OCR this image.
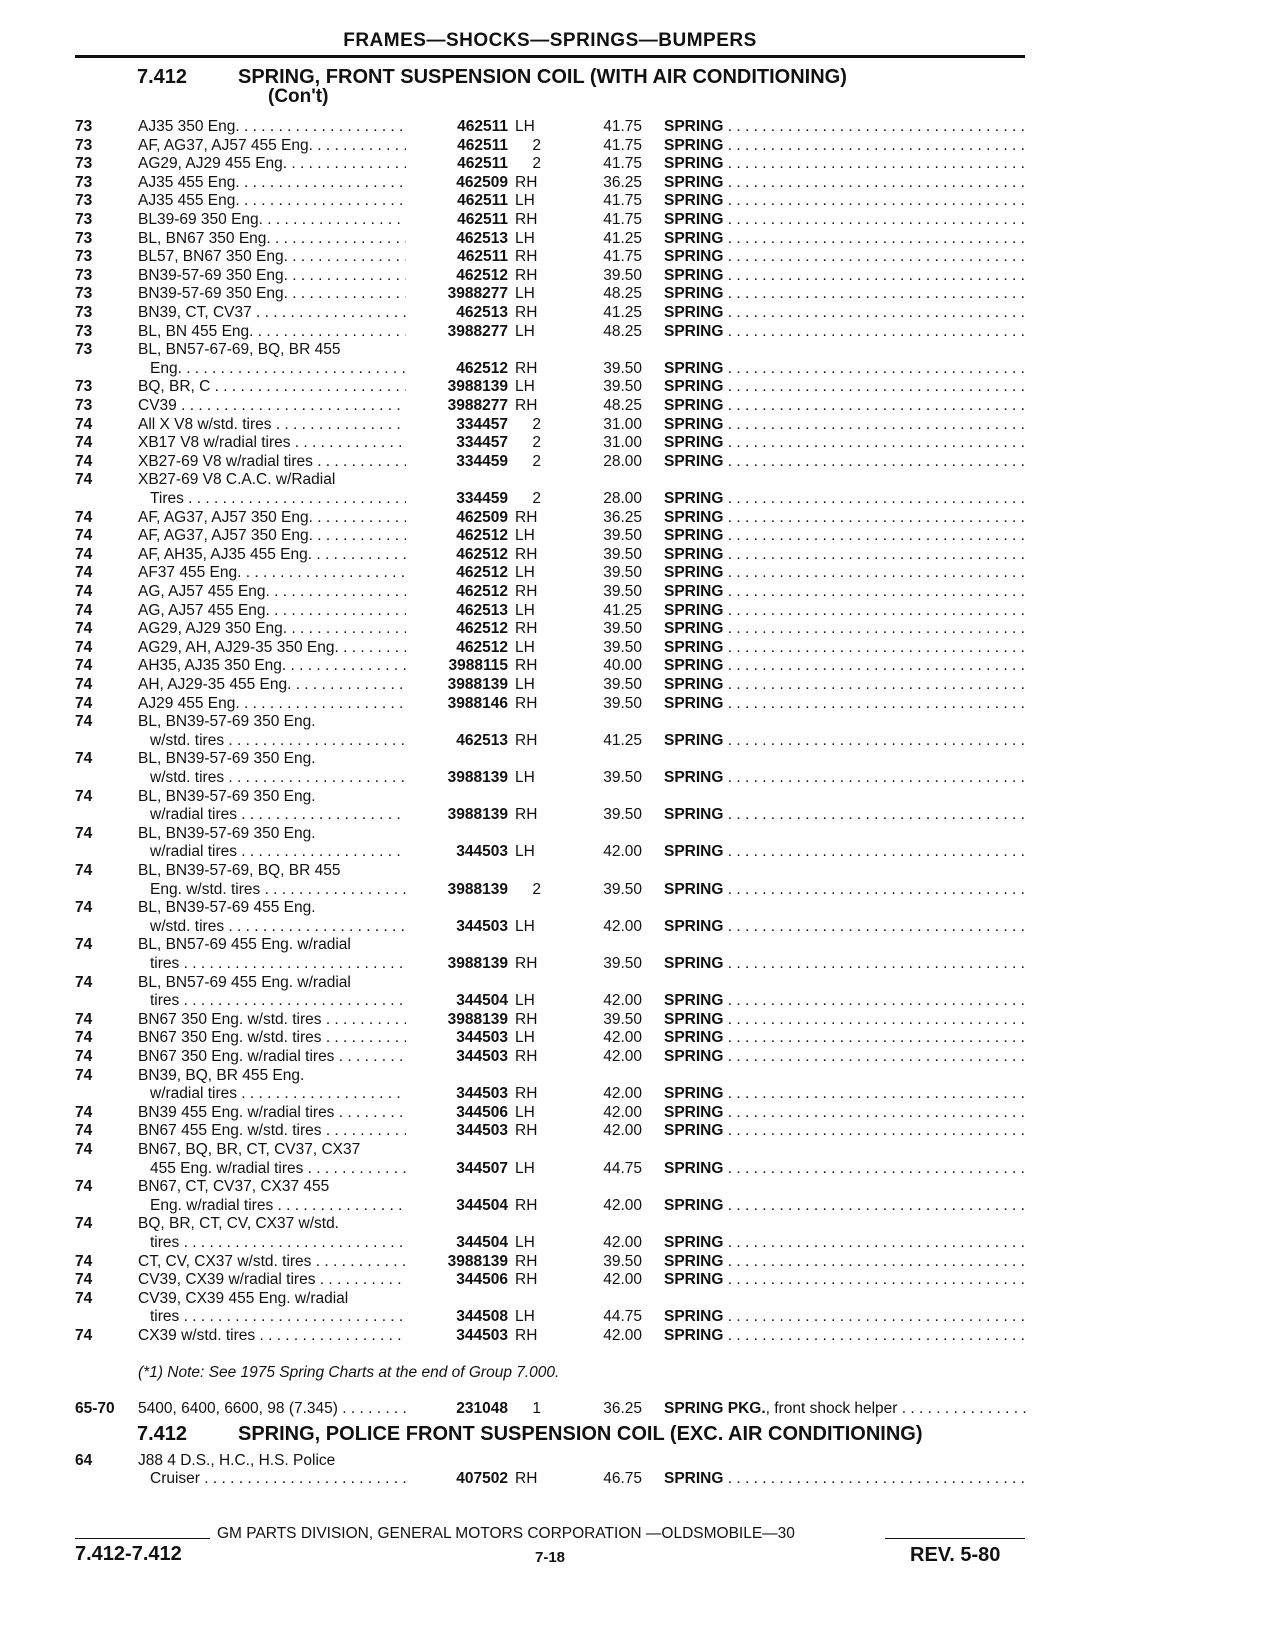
FRAMES—SHOCKS—SPRINGS—BUMPERS
7.412	SPRING, FRONT SUSPENSION COIL (WITH AIR CONDITIONING)
(Con't)
73	AJ35 350 Eng. . . .	462511 LH	41.75 SPRING . . .
73	AF, AG37, AJ57 455 Eng. . . .	462511	2	41.75 SPRING . . .
73	AG29, AJ29 455 Eng. . . .	462511	2	41.75 SPRING . . .
73	AJ35 455 Eng. . . .	462509 RH	36.25 SPRING . . .
73	AJ35 455 Eng. . . .	462511 LH	41.75 SPRING . . .
73	BL39-69 350 Eng. . . .	462511 RH	41.75 SPRING . . .
73	BL, BN67 350 Eng. . . .	462513 LH	41.25 SPRING . . .
73	BL57, BN67 350 Eng. . . .	462511 RH	41.75 SPRING . . .
73	BN39-57-69 350 Eng. . . .	462512 RH	39.50 SPRING . . .
73	BN39-57-69 350 Eng. . . .	3988277 LH	48.25 SPRING . . .
73	BN39, CT, CV37 . . .	462513 RH	41.25 SPRING . . .
73	BL, BN 455 Eng. . . .	3988277 LH	48.25 SPRING . . .
73	BL, BN57-67-69, BQ, BR 455
Eng. . . .	462512 RH	39.50 SPRING . . .
73	BQ, BR, C . . .	3988139 LH	39.50 SPRING . . .
73	CV39 . . .	3988277 RH	48.25 SPRING . . .
74	All X V8 w/std. tires . . .	334457	2	31.00 SPRING . . .
74	XB17 V8 w/radial tires . . .	334457	2	31.00 SPRING . . .
74	XB27-69 V8 w/radial tires . . .	334459	2	28.00 SPRING . . .
74	XB27-69 V8 C.A.C. w/Radial
Tires . . .	334459	2	28.00 SPRING . . .
74	AF, AG37, AJ57 350 Eng. . . .	462509 RH	36.25 SPRING . . .
74	AF, AG37, AJ57 350 Eng. . . .	462512 LH	39.50 SPRING . . .
74	AF, AH35, AJ35 455 Eng. . . .	462512 RH	39.50 SPRING . . .
74	AF37 455 Eng. . . .	462512 LH	39.50 SPRING . . .
74	AG, AJ57 455 Eng. . . .	462512 RH	39.50 SPRING . . .
74	AG, AJ57 455 Eng. . . .	462513 LH	41.25 SPRING . . .
74	AG29, AJ29 350 Eng. . . .	462512 RH	39.50 SPRING . . .
74	AG29, AH, AJ29-35 350 Eng. . . .	462512 LH	39.50 SPRING . . .
74	AH35, AJ35 350 Eng. . . .	3988115 RH	40.00 SPRING . . .
74	AH, AJ29-35 455 Eng. . . .	3988139 LH	39.50 SPRING . . .
74	AJ29 455 Eng. . . .	3988146 RH	39.50 SPRING . . .
74	BL, BN39-57-69 350 Eng.
w/std. tires . . .	462513 RH	41.25 SPRING . . .
74	BL, BN39-57-69 350 Eng.
w/std. tires . . .	3988139 LH	39.50 SPRING . . .
74	BL, BN39-57-69 350 Eng.
w/radial tires . . .	3988139 RH	39.50 SPRING . . .
74	BL, BN39-57-69 350 Eng.
w/radial tires . . .	344503 LH	42.00 SPRING . . .
74	BL, BN39-57-69, BQ, BR 455
Eng. w/std. tires . . .	3988139	2	39.50 SPRING . . .
74	BL, BN39-57-69 455 Eng.
w/std. tires . . .	344503 LH	42.00 SPRING . . .
74	BL, BN57-69 455 Eng. w/radial
tires . . .	3988139 RH	39.50 SPRING . . .
74	BL, BN57-69 455 Eng. w/radial
tires . . .	344504 LH	42.00 SPRING . . .
74	BN67 350 Eng. w/std. tires . . .	3988139 RH	39.50 SPRING . . .
74	BN67 350 Eng. w/std. tires . . .	344503 LH	42.00 SPRING . . .
74	BN67 350 Eng. w/radial tires . . .	344503 RH	42.00 SPRING . . .
74	BN39, BQ, BR 455 Eng.
w/radial tires . . .	344503 RH	42.00 SPRING . . .
74	BN39 455 Eng. w/radial tires . . .	344506 LH	42.00 SPRING . . .
74	BN67 455 Eng. w/std. tires . . .	344503 RH	42.00 SPRING . . .
74	BN67, BQ, BR, CT, CV37, CX37
455 Eng. w/radial tires . . .	344507 LH	44.75 SPRING . . .
74	BN67, CT, CV37, CX37 455
Eng. w/radial tires . . .	344504 RH	42.00 SPRING . . .
74	BQ, BR, CT, CV, CX37 w/std.
tires . . .	344504 LH	42.00 SPRING . . .
74	CT, CV, CX37 w/std. tires . . .	3988139 RH	39.50 SPRING . . .
74	CV39, CX39 w/radial tires . . .	344506 RH	42.00 SPRING . . .
74	CV39, CX39 455 Eng. w/radial
tires . . .	344508 LH	44.75 SPRING . . .
74	CX39 w/std. tires . . .	344503 RH	42.00 SPRING . . .
(*1) Note: See 1975 Spring Charts at the end of Group 7.000.
65-70	5400, 6400, 6600, 98 (7.345) . . .	231048	1	36.25 SPRING PKG., front shock helper . . .
7.412	SPRING, POLICE FRONT SUSPENSION COIL (EXC. AIR CONDITIONING)
64	J88 4 D.S., H.C., H.S. Police
Cruiser . . .	407502 RH	46.75 SPRING . . .
GM PARTS DIVISION, GENERAL MOTORS CORPORATION —OLDSMOBILE—30
7.412-7.412	7-18	REV. 5-80
